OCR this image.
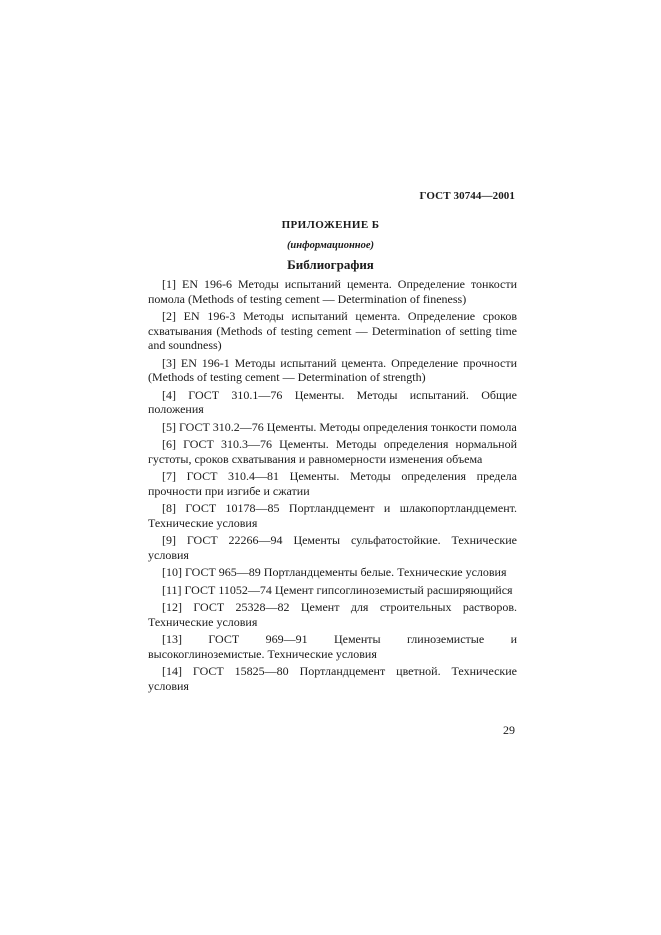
ГОСТ 30744—2001
ПРИЛОЖЕНИЕ Б
(информационное)
Библиография
[1] EN 196-6 Методы испытаний цемента. Определение тонкости помола (Methods of testing cement — Determination of fineness)
[2] EN 196-3 Методы испытаний цемента. Определение сроков схватывания (Methods of testing cement — Determination of setting time and soundness)
[3] EN 196-1 Методы испытаний цемента. Определение прочности (Methods of testing cement — Determination of strength)
[4] ГОСТ 310.1—76 Цементы. Методы испытаний. Общие положения
[5] ГОСТ 310.2—76 Цементы. Методы определения тонкости помола
[6] ГОСТ 310.3—76 Цементы. Методы определения нормальной густоты, сроков схватывания и равномерности изменения объема
[7] ГОСТ 310.4—81 Цементы. Методы определения предела прочности при изгибе и сжатии
[8] ГОСТ 10178—85 Портландцемент и шлакопортландцемент. Технические условия
[9] ГОСТ 22266—94 Цементы сульфатостойкие. Технические условия
[10] ГОСТ 965—89 Портландцементы белые. Технические условия
[11] ГОСТ 11052—74 Цемент гипсоглиноземистый расширяющийся
[12] ГОСТ 25328—82 Цемент для строительных растворов. Технические условия
[13] ГОСТ 969—91 Цементы глиноземистые и высокоглиноземистые. Технические условия
[14] ГОСТ 15825—80 Портландцемент цветной. Технические условия
29
